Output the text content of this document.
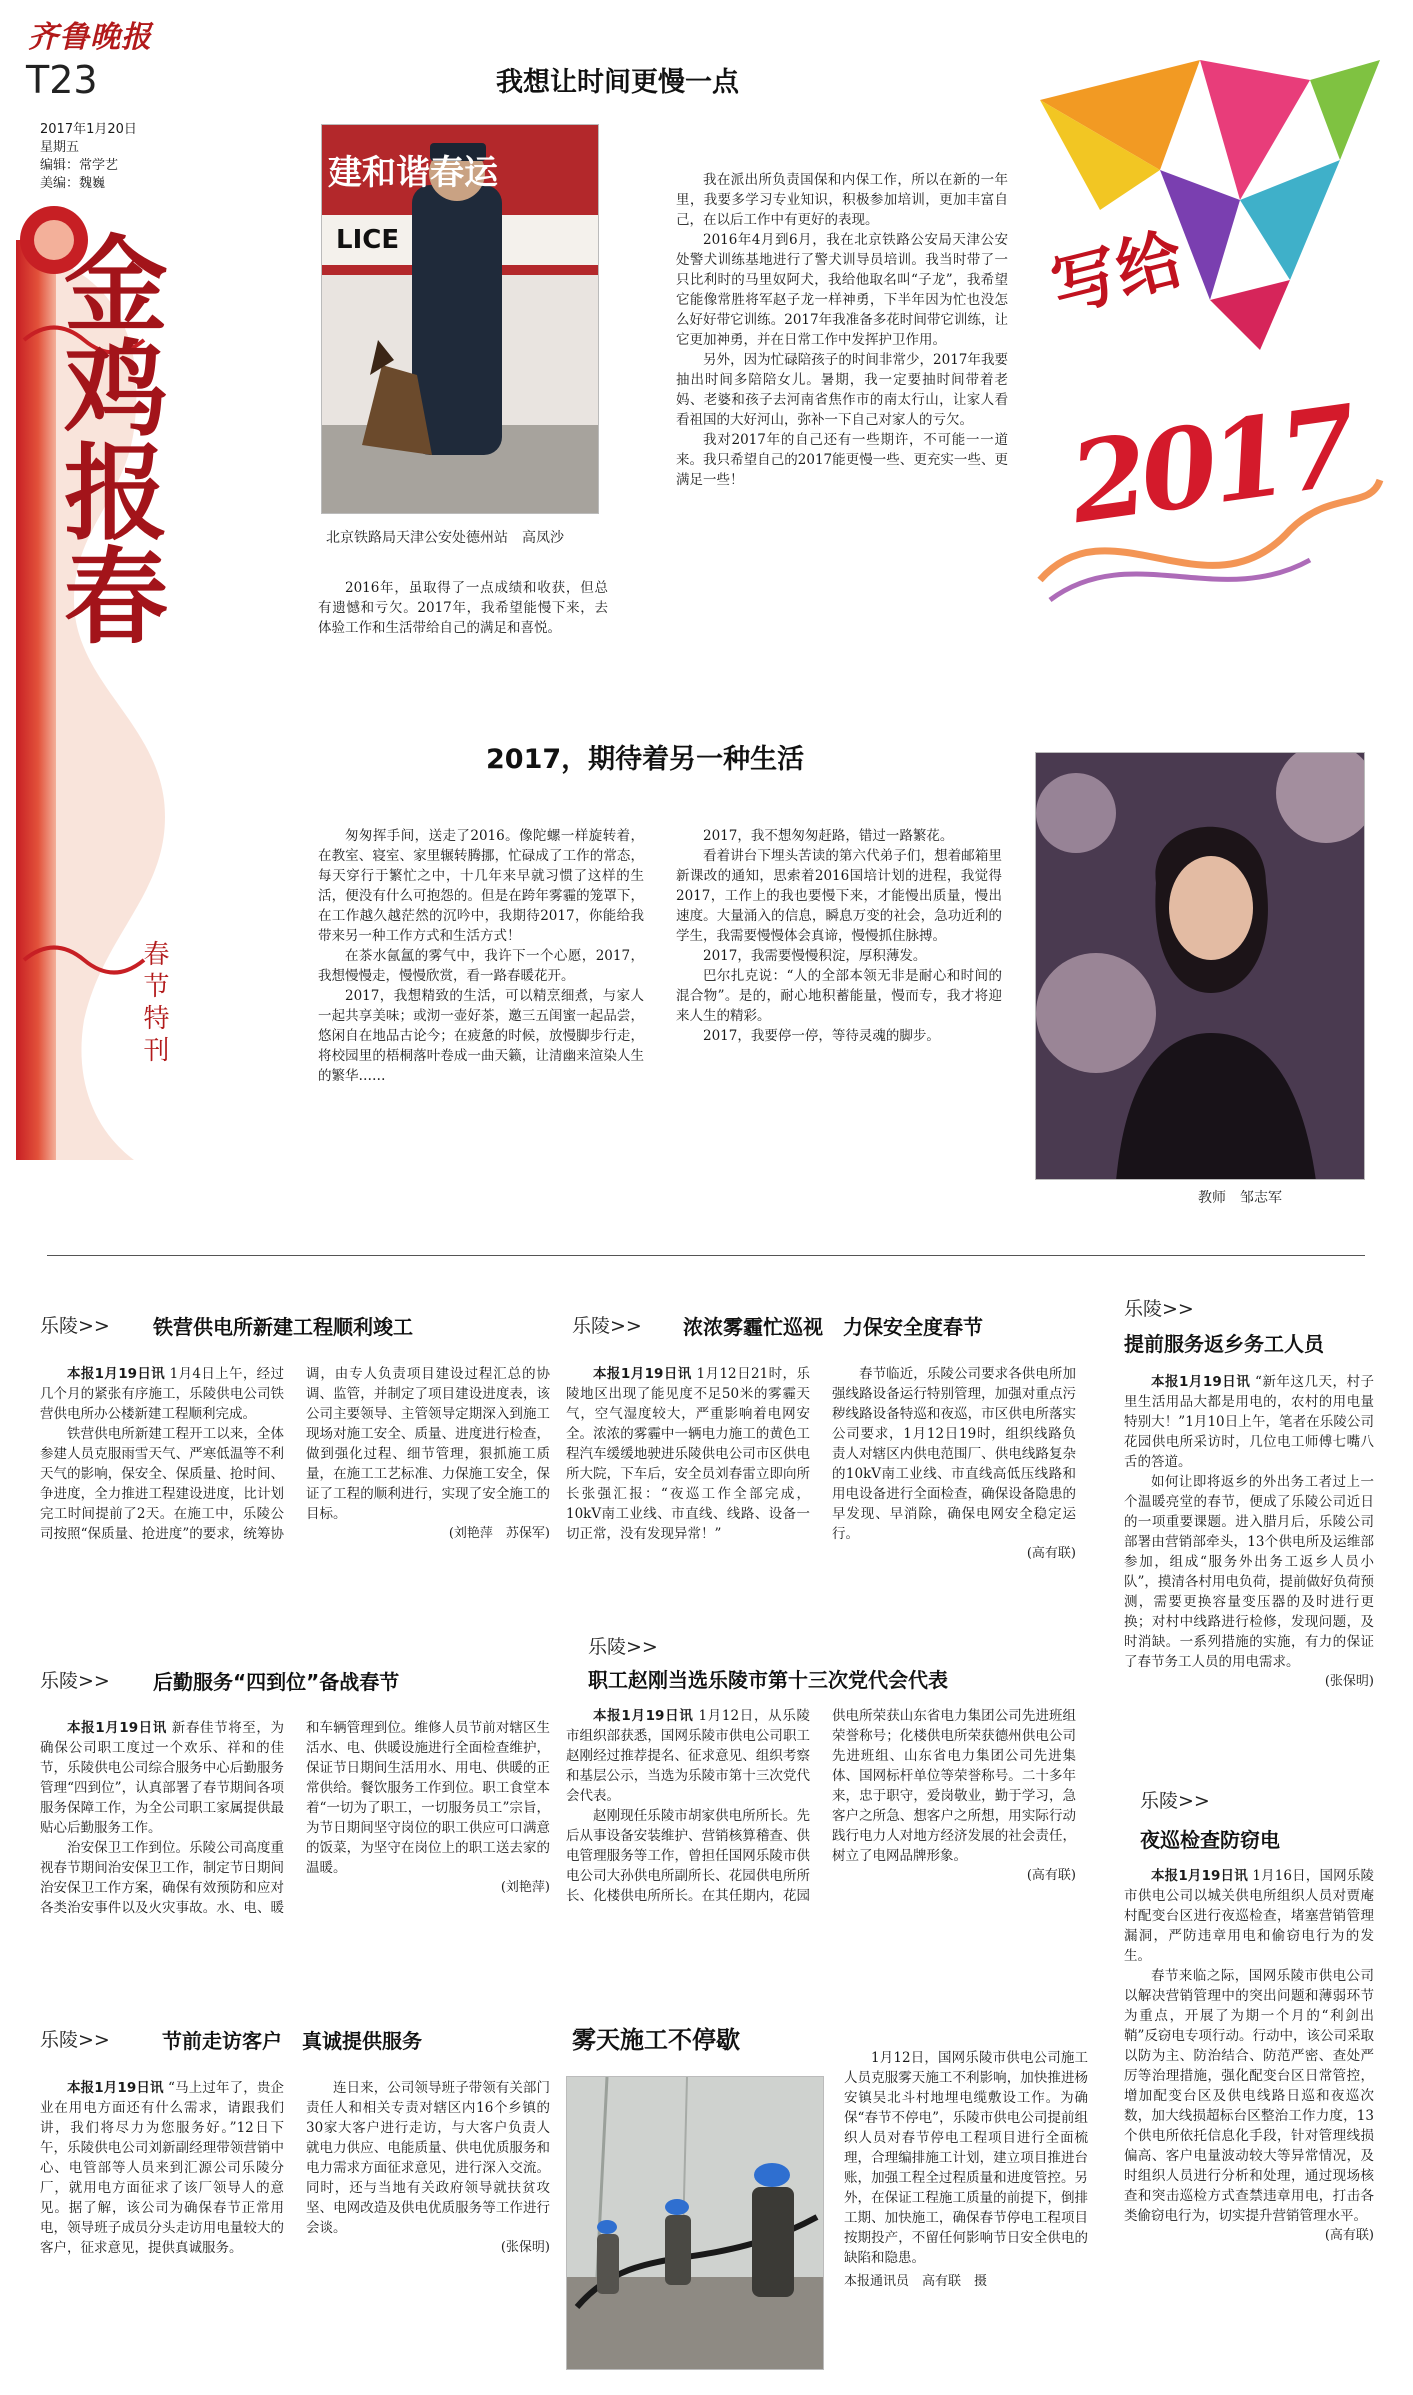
齐鲁晚报
T23
2017年1月20日
星期五
编辑：常学艺
美编：魏巍
金鸡报春
春节特刊
写给
2017
我想让时间更慢一点
建和谐春运
LICE
北京铁路局天津公安处德州站　高凤沙

2016年，虽取得了一点成绩和收获，但总有遗憾和亏欠。2017年，我希望能慢下来，去体验工作和生活带给自己的满足和喜悦。

我在派出所负责国保和内保工作，所以在新的一年里，我要多学习专业知识，积极参加培训，更加丰富自己，在以后工作中有更好的表现。

2016年4月到6月，我在北京铁路公安局天津公安处警犬训练基地进行了警犬训导员培训。我当时带了一只比利时的马里奴阿犬，我给他取名叫“子龙”，我希望它能像常胜将军赵子龙一样神勇，下半年因为忙也没怎么好好带它训练。2017年我准备多花时间带它训练，让它更加神勇，并在日常工作中发挥护卫作用。

另外，因为忙碌陪孩子的时间非常少，2017年我要抽出时间多陪陪女儿。暑期，我一定要抽时间带着老妈、老婆和孩子去河南省焦作市的南太行山，让家人看看祖国的大好河山，弥补一下自己对家人的亏欠。

我对2017年的自己还有一些期许，不可能一一道来。我只希望自己的2017能更慢一些、更充实一些、更满足一些！

2017，期待着另一种生活

匆匆挥手间，送走了2016。像陀螺一样旋转着，在教室、寝室、家里辗转腾挪，忙碌成了工作的常态，每天穿行于繁忙之中，十几年来早就习惯了这样的生活，便没有什么可抱怨的。但是在跨年雾霾的笼罩下，在工作越久越茫然的沉吟中，我期待2017，你能给我带来另一种工作方式和生活方式！

在茶水氤氲的雾气中，我许下一个心愿，2017，我想慢慢走，慢慢欣赏，看一路春暖花开。

2017，我想精致的生活，可以精烹细煮，与家人一起共享美味；或沏一壶好茶，邀三五闺蜜一起品尝，悠闲自在地品古论今；在疲惫的时候，放慢脚步行走，将校园里的梧桐落叶卷成一曲天籁，让清幽来渲染人生的繁华……

2017，我不想匆匆赶路，错过一路繁花。

看着讲台下埋头苦读的第六代弟子们，想着邮箱里新课改的通知，思索着2016国培计划的进程，我觉得2017，工作上的我也要慢下来，才能慢出质量，慢出速度。大量涌入的信息，瞬息万变的社会，急功近利的学生，我需要慢慢体会真谛，慢慢抓住脉搏。

2017，我需要慢慢积淀，厚积薄发。

巴尔扎克说：“人的全部本领无非是耐心和时间的混合物”。是的，耐心地积蓄能量，慢而专，我才将迎来人生的精彩。

2017，我要停一停，等待灵魂的脚步。

教师　邹志军
乐陵>> 铁营供电所新建工程顺利竣工

本报1月19日讯 1月4日上午，经过几个月的紧张有序施工，乐陵供电公司铁营供电所办公楼新建工程顺利完成。

铁营供电所新建工程开工以来，全体参建人员克服雨雪天气、严寒低温等不利天气的影响，保安全、保质量、抢时间、争进度，全力推进工程建设进度，比计划完工时间提前了2天。在施工中，乐陵公司按照“保质量、抢进度”的要求，统筹协调，由专人负责项目建设过程汇总的协调、监管，并制定了项目建设进度表，该公司主要领导、主管领导定期深入到施工现场对施工安全、质量、进度进行检查，做到强化过程、细节管理，狠抓施工质量，在施工工艺标准、力保施工安全，保证了工程的顺利进行，实现了安全施工的目标。

(刘艳萍　苏保军)
乐陵>> 浓浓雾霾忙巡视　力保安全度春节

本报1月19日讯 1月12日21时，乐陵地区出现了能见度不足50米的雾霾天气，空气湿度较大，严重影响着电网安全。浓浓的雾霾中一辆电力施工的黄色工程汽车缓缓地驶进乐陵供电公司市区供电所大院，下车后，安全员刘春雷立即向所长张强汇报：“夜巡工作全部完成，10kV南工业线、市直线、线路、设备一切正常，没有发现异常！”

春节临近，乐陵公司要求各供电所加强线路设备运行特别管理，加强对重点污秽线路设备特巡和夜巡，市区供电所落实公司要求，1月12日19时，组织线路负责人对辖区内供电范围厂、供电线路复杂的10kV南工业线、市直线高低压线路和用电设备进行全面检查，确保设备隐患的早发现、早消除，确保电网安全稳定运行。

(高有联)
乐陵>>
提前服务返乡务工人员

本报1月19日讯 “新年这几天，村子里生活用品大都是用电的，农村的用电量特别大！”1月10日上午，笔者在乐陵公司花园供电所采访时，几位电工师傅七嘴八舌的答道。

如何让即将返乡的外出务工者过上一个温暖亮堂的春节，便成了乐陵公司近日的一项重要课题。进入腊月后，乐陵公司部署由营销部牵头，13个供电所及运维部参加，组成“服务外出务工返乡人员小队”，摸清各村用电负荷，提前做好负荷预测，需要更换容量变压器的及时进行更换；对村中线路进行检修，发现问题，及时消缺。一系列措施的实施，有力的保证了春节务工人员的用电需求。

(张保明)
乐陵>> 后勤服务“四到位”备战春节

本报1月19日讯 新春佳节将至，为确保公司职工度过一个欢乐、祥和的佳节，乐陵供电公司综合服务中心后勤服务管理“四到位”，认真部署了春节期间各项服务保障工作，为全公司职工家属提供最贴心后勤服务工作。

治安保卫工作到位。乐陵公司高度重视春节期间治安保卫工作，制定节日期间治安保卫工作方案，确保有效预防和应对各类治安事件以及火灾事故。水、电、暖和车辆管理到位。维修人员节前对辖区生活水、电、供暖设施进行全面检查维护，保证节日期间生活用水、用电、供暖的正常供给。餐饮服务工作到位。职工食堂本着“一切为了职工，一切服务员工”宗旨，为节日期间坚守岗位的职工供应可口满意的饭菜，为坚守在岗位上的职工送去家的温暖。

(刘艳萍)
乐陵>>
职工赵刚当选乐陵市第十三次党代会代表

本报1月19日讯 1月12日，从乐陵市组织部获悉，国网乐陵市供电公司职工赵刚经过推荐提名、征求意见、组织考察和基层公示，当选为乐陵市第十三次党代会代表。

赵刚现任乐陵市胡家供电所所长。先后从事设备安装维护、营销核算稽查、供电管理服务等工作，曾担任国网乐陵市供电公司大孙供电所副所长、花园供电所所长、化楼供电所所长。在其任期内，花园供电所荣获山东省电力集团公司先进班组荣誉称号；化楼供电所荣获德州供电公司先进班组、山东省电力集团公司先进集体、国网标杆单位等荣誉称号。二十多年来，忠于职守，爱岗敬业，勤于学习，急客户之所急、想客户之所想，用实际行动践行电力人对地方经济发展的社会责任，树立了电网品牌形象。

(高有联)
乐陵>>
夜巡检查防窃电

本报1月19日讯 1月16日，国网乐陵市供电公司以城关供电所组织人员对贾庵村配变台区进行夜巡检查，堵塞营销管理漏洞，严防违章用电和偷窃电行为的发生。

春节来临之际，国网乐陵市供电公司以解决营销管理中的突出问题和薄弱环节为重点，开展了为期一个月的“利剑出鞘”反窃电专项行动。行动中，该公司采取以防为主、防治结合、防范严密、查处严厉等治理措施，强化配变台区日常管控，增加配变台区及供电线路日巡和夜巡次数，加大线损超标台区整治工作力度，13个供电所依托信息化手段，针对管理线损偏高、客户电量波动较大等异常情况，及时组织人员进行分析和处理，通过现场核查和突击巡检方式查禁违章用电，打击各类偷窃电行为，切实提升营销管理水平。

(高有联)
乐陵>>	节前走访客户　真诚提供服务

本报1月19日讯 “马上过年了，贵企业在用电方面还有什么需求，请跟我们讲，我们将尽力为您服务好。”12日下午，乐陵供电公司刘新副经理带领营销中心、电管部等人员来到汇源公司乐陵分厂，就用电方面征求了该厂领导人的意见。据了解，该公司为确保春节正常用电，领导班子成员分头走访用电量较大的客户，征求意见，提供真诚服务。

连日来，公司领导班子带领有关部门责任人和相关专责对辖区内16个乡镇的30家大客户进行走访，与大客户负责人就电力供应、电能质量、供电优质服务和电力需求方面征求意见，进行深入交流。同时，还与当地有关政府领导就扶贫攻坚、电网改造及供电优质服务等工作进行会谈。

(张保明)
雾天施工不停歇

1月12日，国网乐陵市供电公司施工人员克服雾天施工不利影响，加快推进杨安镇吴北斗村地埋电缆敷设工作。为确保“春节不停电”，乐陵市供电公司提前组织人员对春节停电工程项目进行全面梳理，合理编排施工计划，建立项目推进台账，加强工程全过程质量和进度管控。另外，在保证工程施工质量的前提下，倒排工期、加快施工，确保春节停电工程项目按期投产，不留任何影响节日安全供电的缺陷和隐患。

本报通讯员　高有联　摄
